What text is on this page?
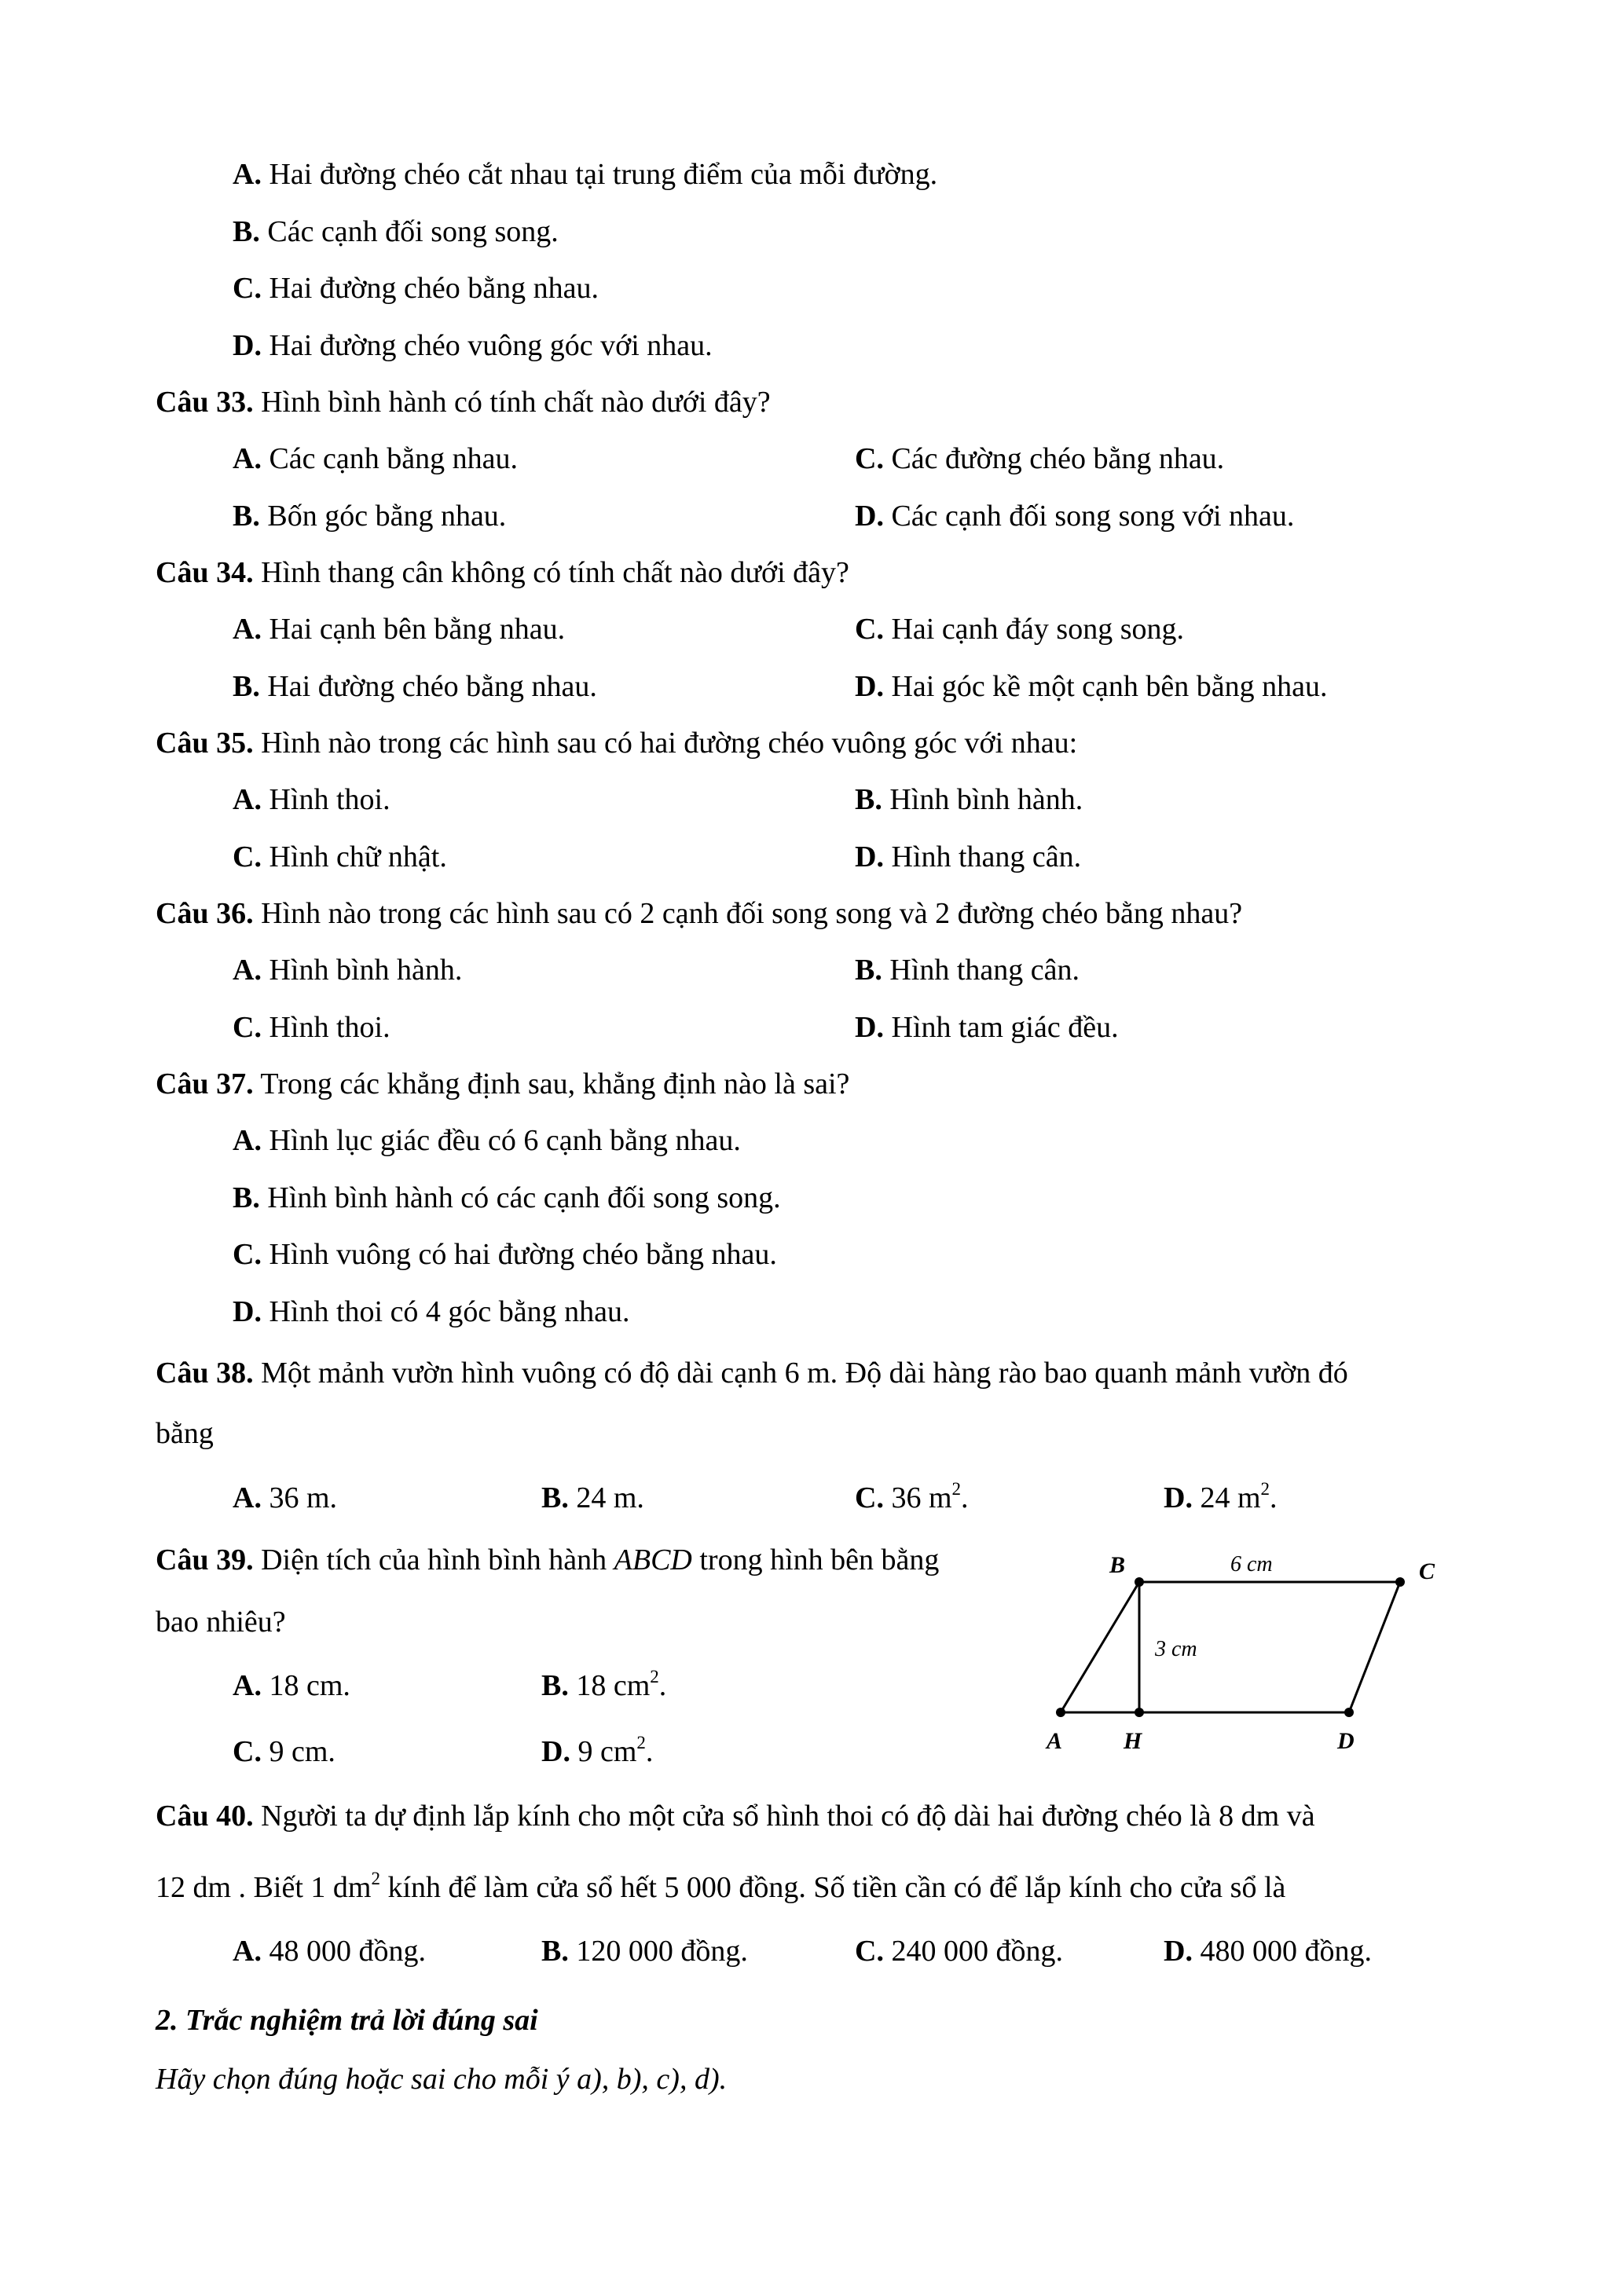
A. Hai đường chéo cắt nhau tại trung điểm của mỗi đường.
B. Các cạnh đối song song.
C. Hai đường chéo bằng nhau.
D. Hai đường chéo vuông góc với nhau.
Câu 33. Hình bình hành có tính chất nào dưới đây?
A. Các cạnh bằng nhau.	C. Các đường chéo bằng nhau.
B. Bốn góc bằng nhau.	D. Các cạnh đối song song với nhau.
Câu 34. Hình thang cân không có tính chất nào dưới đây?
A. Hai cạnh bên bằng nhau.	C. Hai cạnh đáy song song.
B. Hai đường chéo bằng nhau.	D. Hai góc kề một cạnh bên bằng nhau.
Câu 35. Hình nào trong các hình sau có hai đường chéo vuông góc với nhau:
A. Hình thoi.	B. Hình bình hành.
C. Hình chữ nhật.	D. Hình thang cân.
Câu 36. Hình nào trong các hình sau có 2 cạnh đối song song và 2 đường chéo bằng nhau?
A. Hình bình hành.	B. Hình thang cân.
C. Hình thoi.	D. Hình tam giác đều.
Câu 37. Trong các khẳng định sau, khẳng định nào là sai?
A. Hình lục giác đều có 6 cạnh bằng nhau.
B. Hình bình hành có các cạnh đối song song.
C. Hình vuông có hai đường chéo bằng nhau.
D. Hình thoi có 4 góc bằng nhau.
Câu 38. Một mảnh vườn hình vuông có độ dài cạnh 6 m. Độ dài hàng rào bao quanh mảnh vườn đó
bằng
A. 36 m.	B. 24 m.	C. 36 $m^2$.	D. 24 $m^2$.
Câu 39. Diện tích của hình bình hành ABCD trong hình bên bằng
bao nhiêu?
A. 18 cm.	B. 18 $cm^2$.
C. 9 cm.	D. 9 $cm^2$.
B	C
A	H	D
6 cm
3 cm
Câu 40. Người ta dự định lắp kính cho một cửa sổ hình thoi có độ dài hai đường chéo là 8 dm và
12 dm . Biết 1 $dm^2$ kính để làm cửa sổ hết 5 000 đồng. Số tiền cần có để lắp kính cho cửa sổ là
A. 48 000 đồng.	B. 120 000 đồng.	C. 240 000 đồng.	D. 480 000 đồng.
2. Trắc nghiệm trả lời đúng sai
Hãy chọn đúng hoặc sai cho mỗi ý a), b), c), d).
